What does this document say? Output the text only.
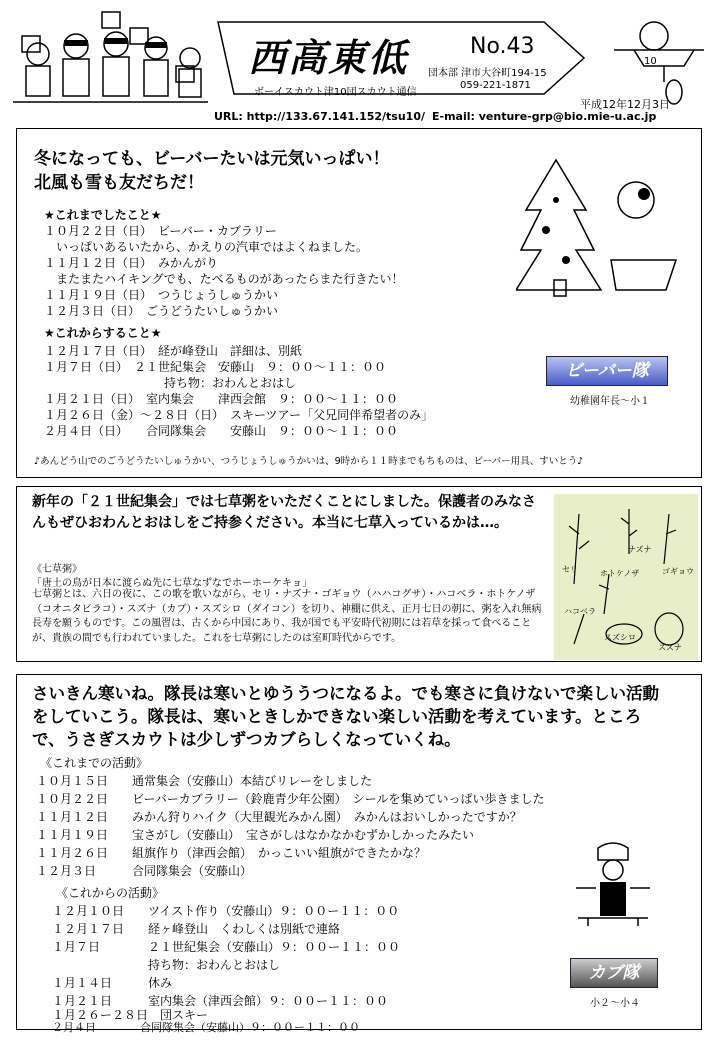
西高東低	No.43
ボーイスカウト津10団スカウト通信
団本部 津市大谷町194-15
059-221-1871
平成12年12月3日
10
URL: http://133.67.141.152/tsu10/ E-mail: venture-grp@bio.mie-u.ac.jp
冬になっても、ビーバーたいは元気いっぱい！
北風も雪も友だちだ！
★これまでしたこと★
１０月２２日（日）　ビーバー・カブラリー
　いっぱいあるいたから、かえりの汽車ではよくねました。
１１月１２日（日）　みかんがり
　またまたハイキングでも、たべるものがあったらまた行きたい！
１１月１９日（日）　つうじょうしゅうかい
１２月３日（日）　ごうどうたいしゅうかい
★これからすること★
１２月１７日（日）　経が峰登山　詳細は、別紙
１月７日（日）　２１世紀集会　安藤山　９：００～１１：００
　　　　　　　　　　持ち物：おわんとおはし
１月２１日（日）　室内集会　　津西会館　９：００～１１：００
１月２６日（金）～２８日（日）　スキーツアー「父兄同伴希望者のみ」
２月４日（日）　　合同隊集会　　安藤山　９：００～１１：００
ビーバー隊
幼稚園年長～小１
♪あんどう山でのごうどうたいしゅうかい、つうじょうしゅうかいは、9時から１１時までもちものは、ビーバー用具、すいとう♪
新年の「２１世紀集会」では七草粥をいただくことにしました。保護者のみなさんもぜひおわんとおはしをご持参ください。本当に七草入っているかは…。
《七草粥》
「唐土の鳥が日本に渡らぬ先に七草なずなでホーホーケキョ」
七草粥とは、六日の夜に、この歌を歌いながら、セリ・ナズナ・ゴギョウ（ハハコグサ）・ハコベラ・ホトケノザ（コオニタビラコ）・スズナ（カブ）・スズシロ（ダイコン）を切り、神棚に供え、正月七日の朝に、粥を入れ無病長寿を願うものです。この風習は、古くから中国にあり、我が国でも平安時代初期には若草を採って食べることが、貴族の間でも行われていました。これを七草粥にしたのは室町時代からです。
セリ
ナズナ
ホトケノザ	ゴギョウ
ハコベラ
スズシロ
スズナ
さいきん寒いね。隊長は寒いとゆううつになるよ。でも寒さに負けないで楽しい活動をしていこう。隊長は、寒いときしかできない楽しい活動を考えています。ところで、うさぎスカウトは少しずつカブらしくなっていくね。
《これまでの活動》
１０月１５日　　通常集会（安藤山）本結びリレーをしました
１０月２２日　　ビーバーカブラリー（鈴鹿青少年公園）　シールを集めていっぱい歩きました
１１月１２日　　みかん狩りハイク（大里観光みかん園）　みかんはおいしかったですか？
１１月１９日　　宝さがし（安藤山）　宝さがしはなかなかむずかしかったみたい
１１月２６日　　組旗作り（津西会館）　かっこいい組旗ができたかな？
１２月３日　　　合同隊集会（安藤山）
《これからの活動》
１２月１０日　　ツイスト作り（安藤山）９：００ー１１：００
１２月１７日　　経ヶ峰登山　くわしくは別紙で連絡
１月７日　　　　２１世紀集会（安藤山）９：００ー１１：００
　　　　　　　　持ち物：おわんとおはし
１月１４日　　　休み
１月２１日　　　室内集会（津西会館）９：００ー１１：００
１月２６ー２８日　団スキー
２月４日　　　　合同隊集会（安藤山）９：００ー１１：００
カブ隊
小２～小４
